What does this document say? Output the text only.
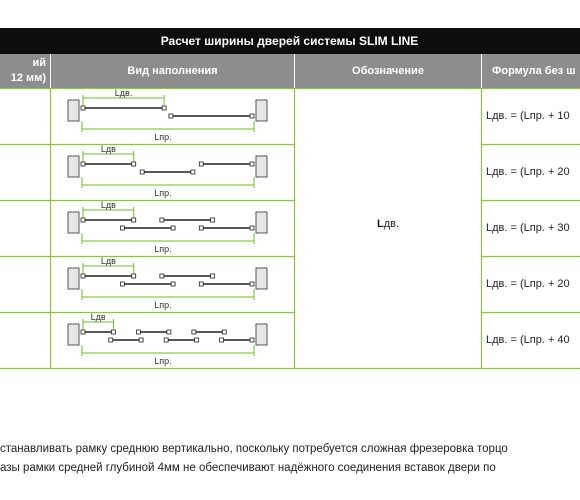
Расчет ширины дверей системы SLIM LINE
ий
12 мм)
Вид наполнения	Обозначение	Формула без ш
Lдв.
Lпр.
Lдв
Lпр.
Lдв
Lпр.
Lдв
Lпр.
Lдв
Lпр.
Lдв.
Lдв. = (Lпр. + 10
Lдв. = (Lпр. + 20
Lдв. = (Lпр. + 30
Lдв. = (Lпр. + 20
Lдв. = (Lпр. + 40
станавливать рамку среднюю вертикально, поскольку потребуется сложная фрезеровка торцо
азы рамки средней глубиной 4мм не обеспечивают надёжного соединения вставок двери по
